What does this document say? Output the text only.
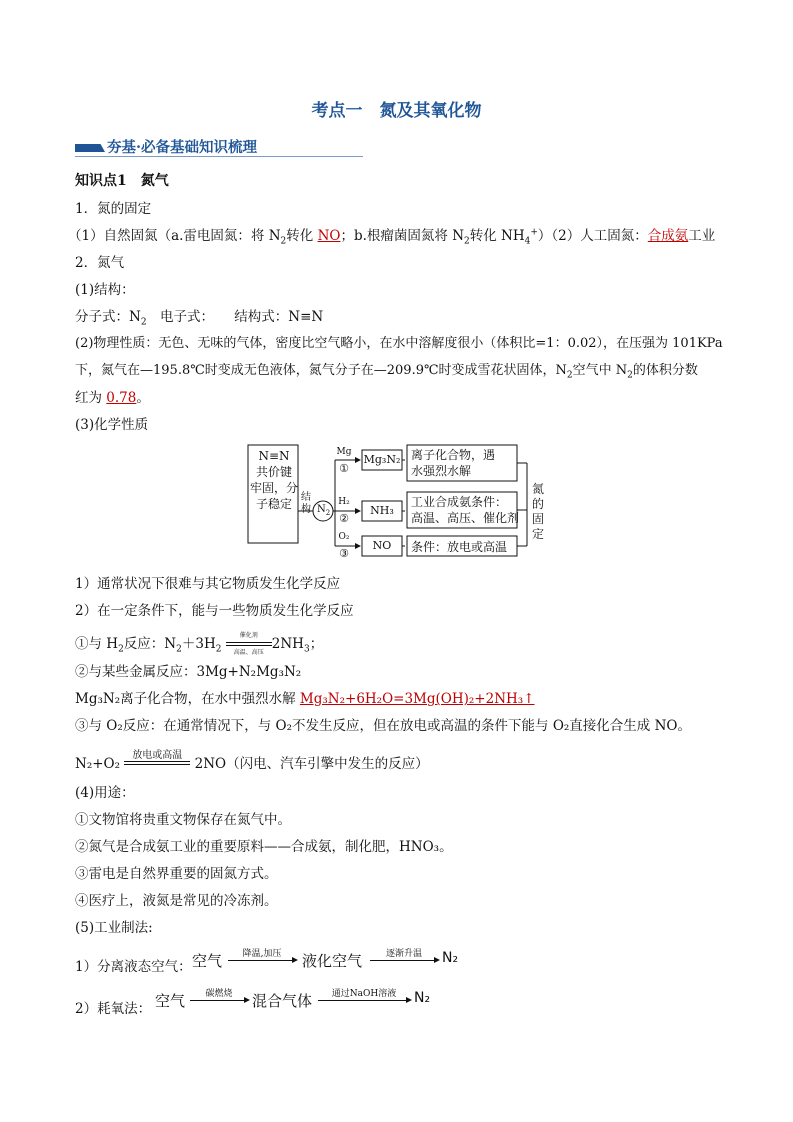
考点一　氮及其氧化物
夯基·必备基础知识梳理
知识点1　氮气
1．氮的固定
（1）自然固氮（a.雷电固氮：将 $N_2$转化 NO；b.根瘤菌固氮将 $N_2$转化 $NH_4^+)(2)$人工固氮：合成氨工业
2．氮气
(1)结构：
分子式：$N_2$　电子式：　　结构式：N≡N
(2)物理性质：无色、无味的气体，密度比空气略小，在水中溶解度很小（体积比=1：0.02），在压强为 101KPa
下，氮气在—195.8℃时变成无色液体，氮气分子在—209.9℃时变成雪花状固体，$N_2$空气中 $N_2$的体积分数
红为 0.78。
(3)化学性质
N≡N
共价键
牢固，分
子稳定 结
构 $N_2$
Mg
①
H₂
②
O₂
③
Mg₃N₂
NH₃
NO
离子化合物，遇
水强烈水解
工业合成氨条件：
高温、高压、催化剂
条件：放电或高温
氮
的
固
定
1）通常状况下很难与其它物质发生化学反应
2）在一定条件下，能与一些物质发生化学反应
①与 $H_2$反应：$N_2+3H_2$
催化剂
高温、高压 $2NH_3$；
②与某些金属反应：3Mg+N₂Mg₃N₂
Mg₃N₂离子化合物，在水中强烈水解 Mg₃N₂+6H₂O=3Mg(OH)₂+2NH₃↑
③与 O₂反应：在通常情况下，与 O₂不发生反应，但在放电或高温的条件下能与 O₂直接化合生成 NO。
N₂+O₂
放电或高温
2NO（闪电、汽车引擎中发生的反应）
(4)用途：
①文物馆将贵重文物保存在氮气中。
②氮气是合成氨工业的重要原料——合成氨，制化肥，HNO₃。
③雷电是自然界重要的固氮方式。
④医疗上，液氮是常见的冷冻剂。
(5)工业制法:
1）分离液态空气： 空气	降温,加压	液化空气	逐渐升温	N₂
2）耗氧法： 空气	碳燃烧	混合气体	通过NaOH溶液	N₂
